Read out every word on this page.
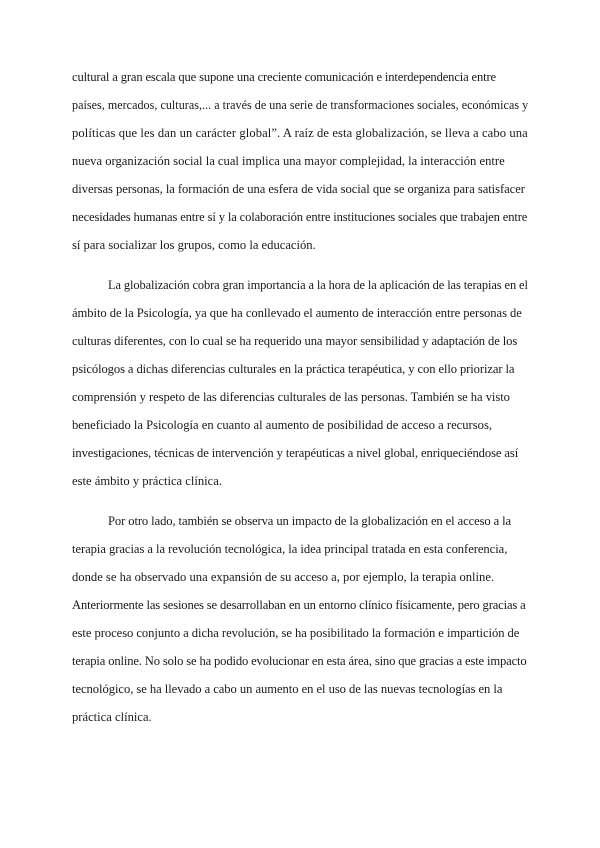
cultural a gran escala que supone una creciente comunicación e interdependencia entre
países, mercados, culturas,... a través de una serie de transformaciones sociales, económicas y
políticas que les dan un carácter global”. A raíz de esta globalización, se lleva a cabo una
nueva organización social la cual implica una mayor complejidad, la interacción entre
diversas personas, la formación de una esfera de vida social que se organiza para satisfacer
necesidades humanas entre sí y la colaboración entre instituciones sociales que trabajen entre
sí para socializar los grupos, como la educación.
La globalización cobra gran importancia a la hora de la aplicación de las terapias en el
ámbito de la Psicología, ya que ha conllevado el aumento de interacción entre personas de
culturas diferentes, con lo cual se ha requerido una mayor sensibilidad y adaptación de los
psicólogos a dichas diferencias culturales en la práctica terapéutica, y con ello priorizar la
comprensión y respeto de las diferencias culturales de las personas. También se ha visto
beneficiado la Psicología en cuanto al aumento de posibilidad de acceso a recursos,
investigaciones, técnicas de intervención y terapéuticas a nivel global, enriqueciéndose así
este ámbito y práctica clínica.
Por otro lado, también se observa un impacto de la globalización en el acceso a la
terapia gracias a la revolución tecnológica, la idea principal tratada en esta conferencia,
donde se ha observado una expansión de su acceso a, por ejemplo, la terapia online.
Anteriormente las sesiones se desarrollaban en un entorno clínico físicamente, pero gracias a
este proceso conjunto a dicha revolución, se ha posibilitado la formación e impartición de
terapia online. No solo se ha podido evolucionar en esta área, sino que gracias a este impacto
tecnológico, se ha llevado a cabo un aumento en el uso de las nuevas tecnologías en la
práctica clínica.
